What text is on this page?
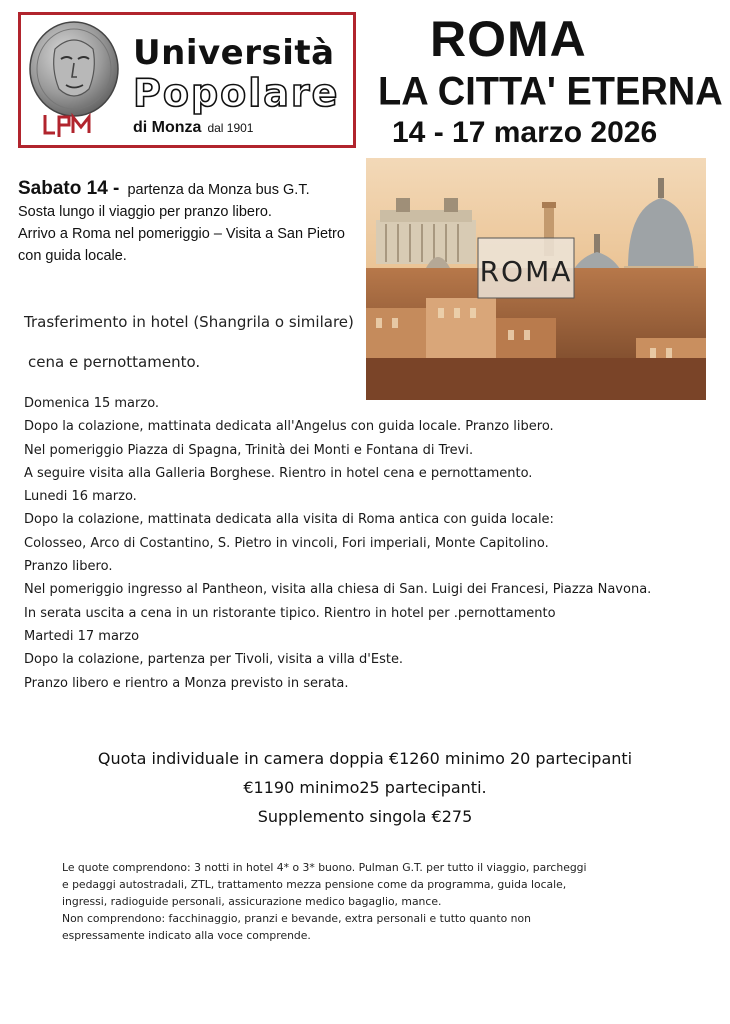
Università
Popolare
di Monza dal 1901
ROMA
LA CITTA' ETERNA
14 - 17 marzo 2026
Sabato 14 - partenza da Monza bus G.T.
Sosta lungo il viaggio per pranzo libero.
Arrivo a Roma nel pomeriggio – Visita a San Pietro
con guida locale.	ROMA
Trasferimento in hotel (Shangrila o similare)
cena e pernottamento.
Domenica 15 marzo.
Dopo la colazione, mattinata dedicata all'Angelus con guida locale. Pranzo libero.
Nel pomeriggio Piazza di Spagna, Trinità dei Monti e Fontana di Trevi.
A seguire visita alla Galleria Borghese. Rientro in hotel cena e pernottamento.
Lunedi 16 marzo.
Dopo la colazione, mattinata dedicata alla visita di Roma antica con guida locale:
Colosseo, Arco di Costantino, S. Pietro in vincoli, Fori imperiali, Monte Capitolino.
Pranzo libero.
Nel pomeriggio ingresso al Pantheon, visita alla chiesa di San. Luigi dei Francesi, Piazza Navona.
In serata uscita a cena in un ristorante tipico. Rientro in hotel per .pernottamento
Martedi 17 marzo
Dopo la colazione, partenza per Tivoli, visita a villa d'Este.
Pranzo libero e rientro a Monza previsto in serata.
Quota individuale in camera doppia €1260 minimo 20 partecipanti
€1190 minimo25 partecipanti.
Supplemento singola €275
Le quote comprendono: 3 notti in hotel 4* o 3* buono. Pulman G.T. per tutto il viaggio, parcheggi
e pedaggi autostradali, ZTL, trattamento mezza pensione come da programma, guida locale,
ingressi, radioguide personali, assicurazione medico bagaglio, mance.
Non comprendono: facchinaggio, pranzi e bevande, extra personali e tutto quanto non
espressamente indicato alla voce comprende.
